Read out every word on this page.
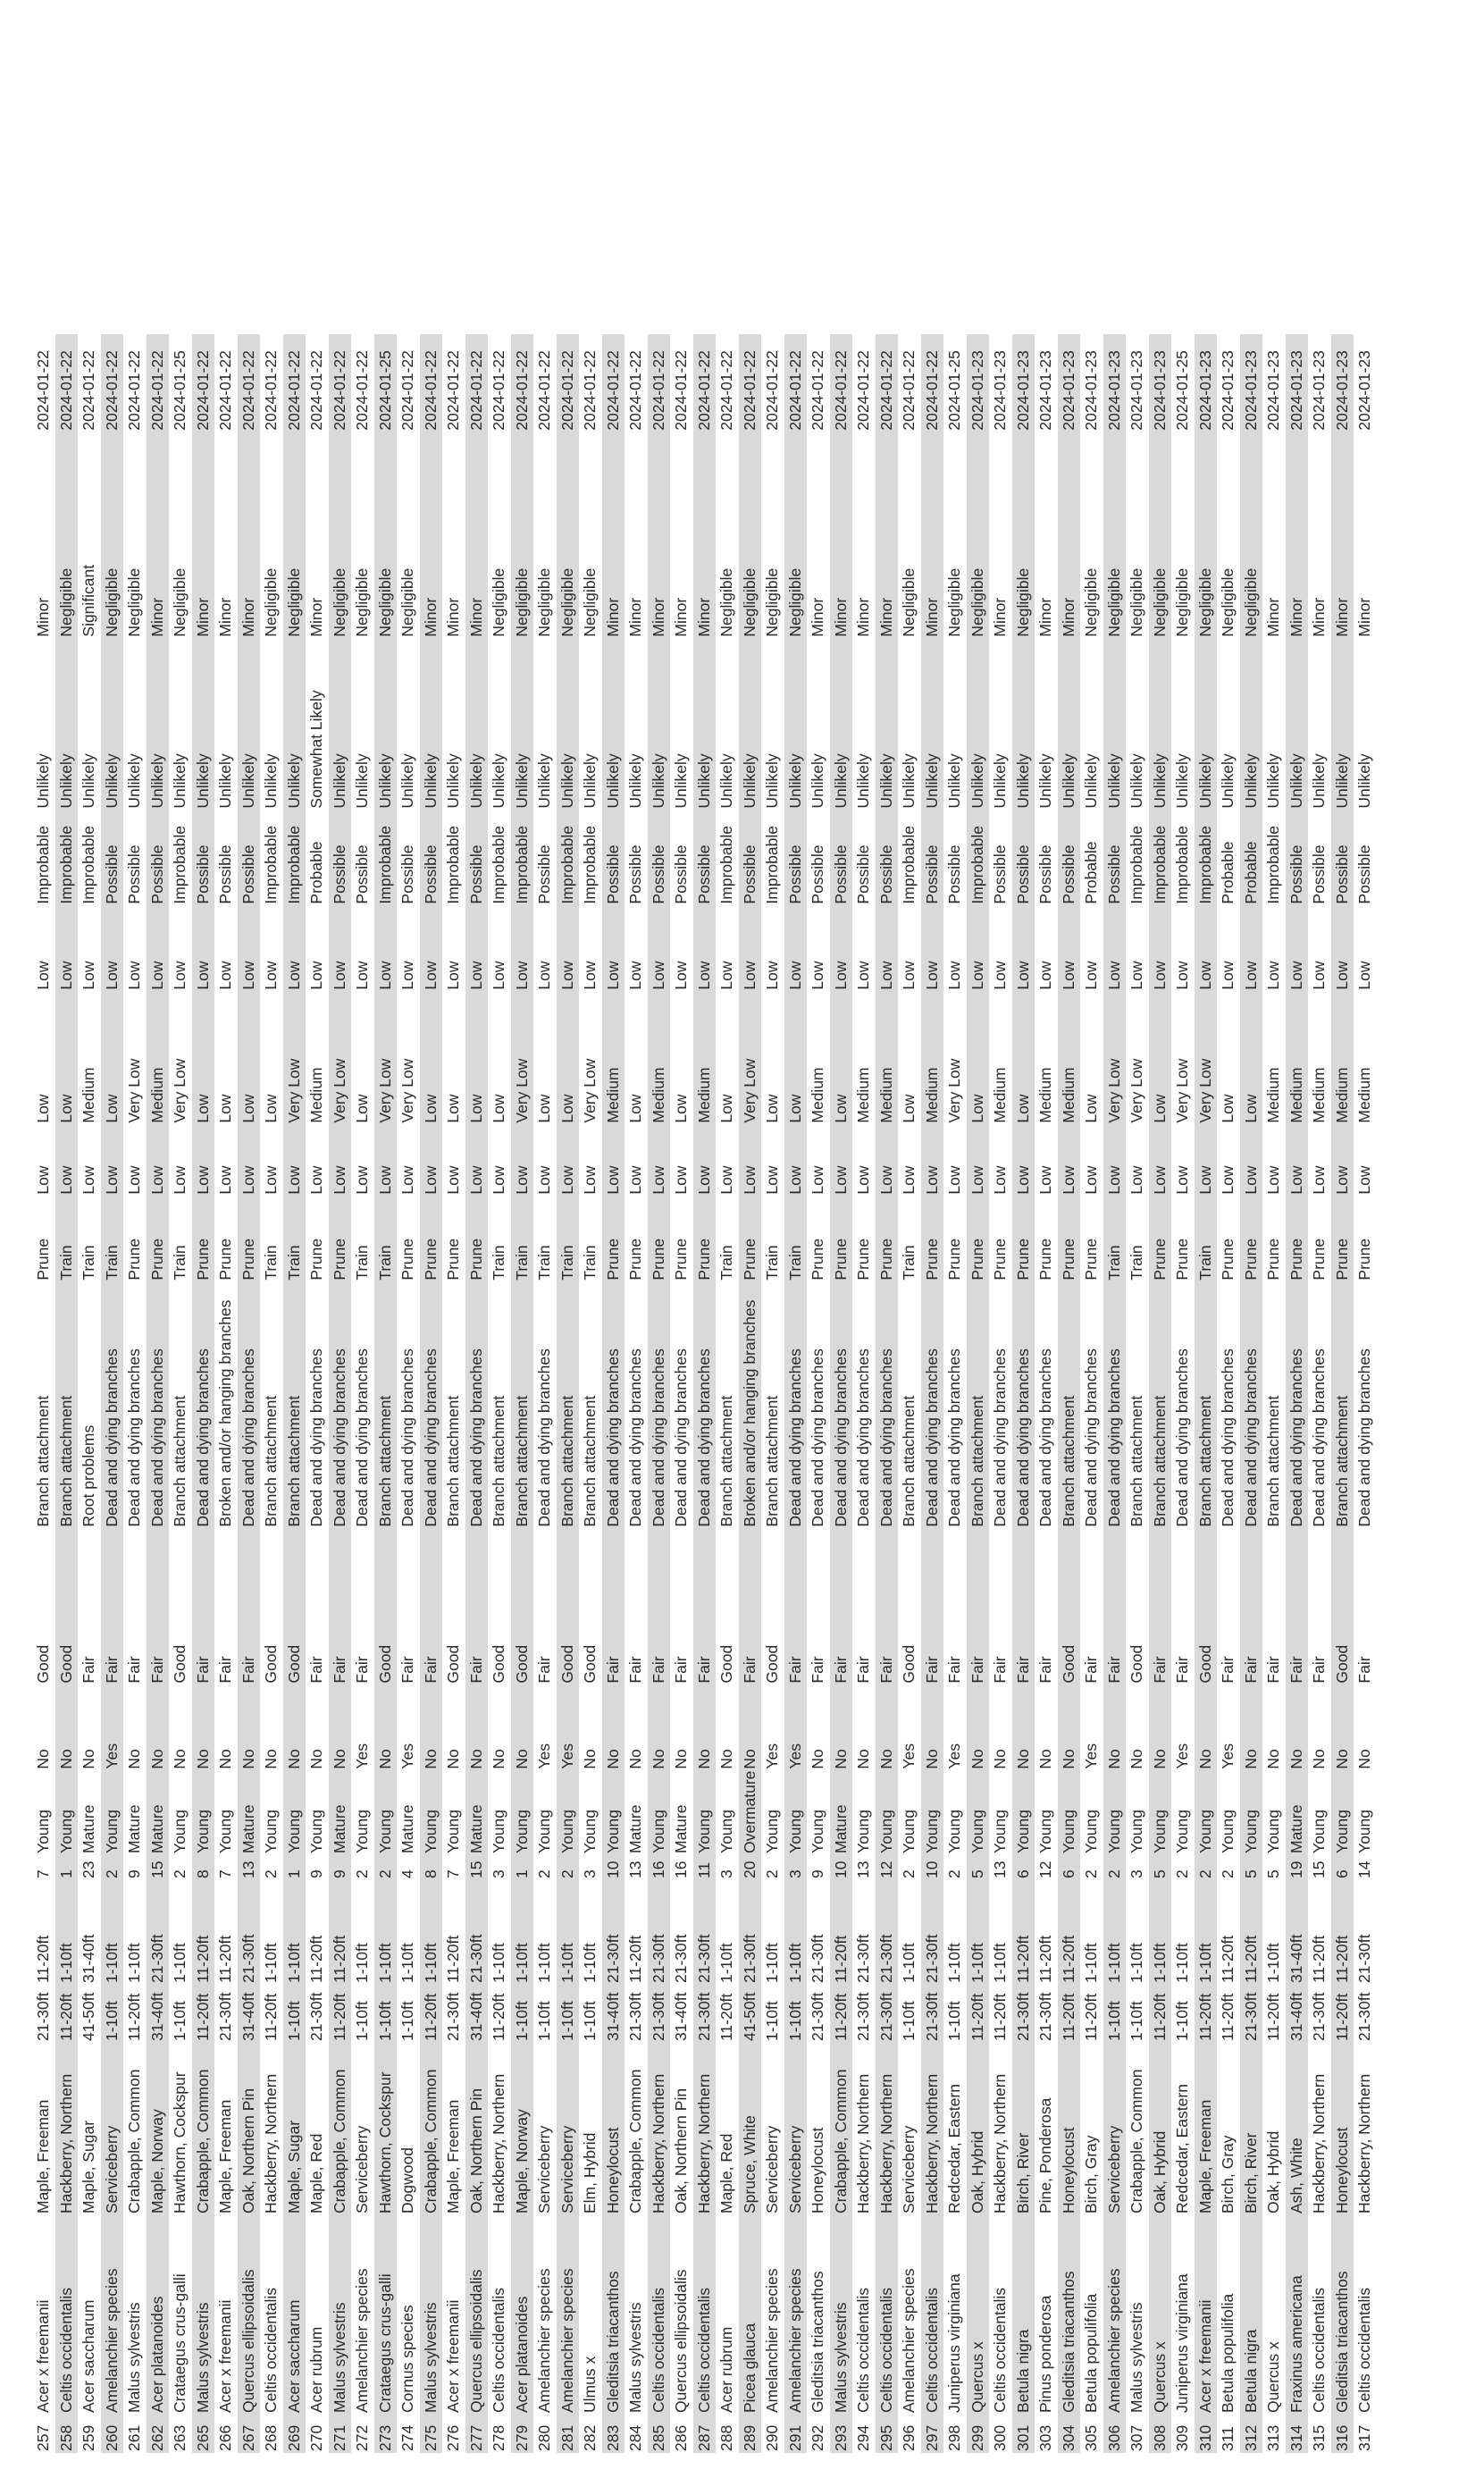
257	Acer x freemanii	Maple, Freeman	21-30ft	11-20ft	7	Young	No	Good	Branch attachment	Prune	Low	Low	Low	Improbable	Unlikely	Minor	2024-01-22
258	Celtis occidentalis	Hackberry, Northern	11-20ft	1-10ft	1	Young	No	Good	Branch attachment	Train	Low	Low	Low	Improbable	Unlikely	Negligible	2024-01-22
259	Acer saccharum	Maple, Sugar	41-50ft	31-40ft	23	Mature	No	Fair	Root problems	Train	Low	Medium	Low	Improbable	Unlikely	Significant	2024-01-22
260	Amelanchier species	Serviceberry	1-10ft	1-10ft	2	Young	Yes	Fair	Dead and dying branches	Train	Low	Low	Low	Possible	Unlikely	Negligible	2024-01-22
261	Malus sylvestris	Crabapple, Common	11-20ft	1-10ft	9	Mature	No	Fair	Dead and dying branches	Prune	Low	Very Low	Low	Possible	Unlikely	Negligible	2024-01-22
262	Acer platanoides	Maple, Norway	31-40ft	21-30ft	15	Mature	No	Fair	Dead and dying branches	Prune	Low	Medium	Low	Possible	Unlikely	Minor	2024-01-22
263	Crataegus crus-galli	Hawthorn, Cockspur	1-10ft	1-10ft	2	Young	No	Good	Branch attachment	Train	Low	Very Low	Low	Improbable	Unlikely	Negligible	2024-01-25
265	Malus sylvestris	Crabapple, Common	11-20ft	11-20ft	8	Young	No	Fair	Dead and dying branches	Prune	Low	Low	Low	Possible	Unlikely	Minor	2024-01-22
266	Acer x freemanii	Maple, Freeman	21-30ft	11-20ft	7	Young	No	Fair	Broken and/or hanging branches	Prune	Low	Low	Low	Possible	Unlikely	Minor	2024-01-22
267	Quercus ellipsoidalis	Oak, Northern Pin	31-40ft	21-30ft	13	Mature	No	Fair	Dead and dying branches	Prune	Low	Low	Low	Possible	Unlikely	Minor	2024-01-22
268	Celtis occidentalis	Hackberry, Northern	11-20ft	1-10ft	2	Young	No	Good	Branch attachment	Train	Low	Low	Low	Improbable	Unlikely	Negligible	2024-01-22
269	Acer saccharum	Maple, Sugar	1-10ft	1-10ft	1	Young	No	Good	Branch attachment	Train	Low	Very Low	Low	Improbable	Unlikely	Negligible	2024-01-22
270	Acer rubrum	Maple, Red	21-30ft	11-20ft	9	Young	No	Fair	Dead and dying branches	Prune	Low	Medium	Low	Probable	Somewhat Likely	Minor	2024-01-22
271	Malus sylvestris	Crabapple, Common	11-20ft	11-20ft	9	Mature	No	Fair	Dead and dying branches	Prune	Low	Very Low	Low	Possible	Unlikely	Negligible	2024-01-22
272	Amelanchier species	Serviceberry	1-10ft	1-10ft	2	Young	Yes	Fair	Dead and dying branches	Train	Low	Low	Low	Possible	Unlikely	Negligible	2024-01-22
273	Crataegus crus-galli	Hawthorn, Cockspur	1-10ft	1-10ft	2	Young	No	Good	Branch attachment	Train	Low	Very Low	Low	Improbable	Unlikely	Negligible	2024-01-25
274	Cornus species	Dogwood	1-10ft	1-10ft	4	Mature	Yes	Fair	Dead and dying branches	Prune	Low	Very Low	Low	Possible	Unlikely	Negligible	2024-01-22
275	Malus sylvestris	Crabapple, Common	11-20ft	1-10ft	8	Young	No	Fair	Dead and dying branches	Prune	Low	Low	Low	Possible	Unlikely	Minor	2024-01-22
276	Acer x freemanii	Maple, Freeman	21-30ft	11-20ft	7	Young	No	Good	Branch attachment	Prune	Low	Low	Low	Improbable	Unlikely	Minor	2024-01-22
277	Quercus ellipsoidalis	Oak, Northern Pin	31-40ft	21-30ft	15	Mature	No	Fair	Dead and dying branches	Prune	Low	Low	Low	Possible	Unlikely	Minor	2024-01-22
278	Celtis occidentalis	Hackberry, Northern	11-20ft	1-10ft	3	Young	No	Good	Branch attachment	Train	Low	Low	Low	Improbable	Unlikely	Negligible	2024-01-22
279	Acer platanoides	Maple, Norway	1-10ft	1-10ft	1	Young	No	Good	Branch attachment	Train	Low	Very Low	Low	Improbable	Unlikely	Negligible	2024-01-22
280	Amelanchier species	Serviceberry	1-10ft	1-10ft	2	Young	Yes	Fair	Dead and dying branches	Train	Low	Low	Low	Possible	Unlikely	Negligible	2024-01-22
281	Amelanchier species	Serviceberry	1-10ft	1-10ft	2	Young	Yes	Good	Branch attachment	Train	Low	Low	Low	Improbable	Unlikely	Negligible	2024-01-22
282	Ulmus x	Elm, Hybrid	1-10ft	1-10ft	3	Young	No	Good	Branch attachment	Train	Low	Very Low	Low	Improbable	Unlikely	Negligible	2024-01-22
283	Gleditsia triacanthos	Honeylocust	31-40ft	21-30ft	10	Young	No	Fair	Dead and dying branches	Prune	Low	Medium	Low	Possible	Unlikely	Minor	2024-01-22
284	Malus sylvestris	Crabapple, Common	21-30ft	11-20ft	13	Mature	No	Fair	Dead and dying branches	Prune	Low	Low	Low	Possible	Unlikely	Minor	2024-01-22
285	Celtis occidentalis	Hackberry, Northern	21-30ft	21-30ft	16	Young	No	Fair	Dead and dying branches	Prune	Low	Medium	Low	Possible	Unlikely	Minor	2024-01-22
286	Quercus ellipsoidalis	Oak, Northern Pin	31-40ft	21-30ft	16	Mature	No	Fair	Dead and dying branches	Prune	Low	Low	Low	Possible	Unlikely	Minor	2024-01-22
287	Celtis occidentalis	Hackberry, Northern	21-30ft	21-30ft	11	Young	No	Fair	Dead and dying branches	Prune	Low	Medium	Low	Possible	Unlikely	Minor	2024-01-22
288	Acer rubrum	Maple, Red	11-20ft	1-10ft	3	Young	No	Good	Branch attachment	Train	Low	Low	Low	Improbable	Unlikely	Negligible	2024-01-22
289	Picea glauca	Spruce, White	41-50ft	21-30ft	20	Overmature	No	Fair	Broken and/or hanging branches	Prune	Low	Very Low	Low	Possible	Unlikely	Negligible	2024-01-22
290	Amelanchier species	Serviceberry	1-10ft	1-10ft	2	Young	Yes	Good	Branch attachment	Train	Low	Low	Low	Improbable	Unlikely	Negligible	2024-01-22
291	Amelanchier species	Serviceberry	1-10ft	1-10ft	3	Young	Yes	Fair	Dead and dying branches	Train	Low	Low	Low	Possible	Unlikely	Negligible	2024-01-22
292	Gleditsia triacanthos	Honeylocust	21-30ft	21-30ft	9	Young	No	Fair	Dead and dying branches	Prune	Low	Medium	Low	Possible	Unlikely	Minor	2024-01-22
293	Malus sylvestris	Crabapple, Common	11-20ft	11-20ft	10	Mature	No	Fair	Dead and dying branches	Prune	Low	Low	Low	Possible	Unlikely	Minor	2024-01-22
294	Celtis occidentalis	Hackberry, Northern	21-30ft	21-30ft	13	Young	No	Fair	Dead and dying branches	Prune	Low	Medium	Low	Possible	Unlikely	Minor	2024-01-22
295	Celtis occidentalis	Hackberry, Northern	21-30ft	21-30ft	12	Young	No	Fair	Dead and dying branches	Prune	Low	Medium	Low	Possible	Unlikely	Minor	2024-01-22
296	Amelanchier species	Serviceberry	1-10ft	1-10ft	2	Young	Yes	Good	Branch attachment	Train	Low	Low	Low	Improbable	Unlikely	Negligible	2024-01-22
297	Celtis occidentalis	Hackberry, Northern	21-30ft	21-30ft	10	Young	No	Fair	Dead and dying branches	Prune	Low	Medium	Low	Possible	Unlikely	Minor	2024-01-22
298	Juniperus virginiana	Redcedar, Eastern	1-10ft	1-10ft	2	Young	Yes	Fair	Dead and dying branches	Prune	Low	Very Low	Low	Possible	Unlikely	Negligible	2024-01-25
299	Quercus x	Oak, Hybrid	11-20ft	1-10ft	5	Young	No	Fair	Branch attachment	Prune	Low	Low	Low	Improbable	Unlikely	Negligible	2024-01-23
300	Celtis occidentalis	Hackberry, Northern	11-20ft	1-10ft	13	Young	No	Fair	Dead and dying branches	Prune	Low	Medium	Low	Possible	Unlikely	Minor	2024-01-23
301	Betula nigra	Birch, River	21-30ft	11-20ft	6	Young	No	Fair	Dead and dying branches	Prune	Low	Low	Low	Possible	Unlikely	Negligible	2024-01-23
303	Pinus ponderosa	Pine, Ponderosa	21-30ft	11-20ft	12	Young	No	Fair	Dead and dying branches	Prune	Low	Medium	Low	Possible	Unlikely	Minor	2024-01-23
304	Gleditsia triacanthos	Honeylocust	11-20ft	11-20ft	6	Young	No	Good	Branch attachment	Prune	Low	Medium	Low	Possible	Unlikely	Minor	2024-01-23
305	Betula populifolia	Birch, Gray	11-20ft	1-10ft	2	Young	Yes	Fair	Dead and dying branches	Prune	Low	Low	Low	Probable	Unlikely	Negligible	2024-01-23
306	Amelanchier species	Serviceberry	1-10ft	1-10ft	2	Young	No	Fair	Dead and dying branches	Train	Low	Very Low	Low	Possible	Unlikely	Negligible	2024-01-23
307	Malus sylvestris	Crabapple, Common	1-10ft	1-10ft	3	Young	No	Good	Branch attachment	Train	Low	Very Low	Low	Improbable	Unlikely	Negligible	2024-01-23
308	Quercus x	Oak, Hybrid	11-20ft	1-10ft	5	Young	No	Fair	Branch attachment	Prune	Low	Low	Low	Improbable	Unlikely	Negligible	2024-01-23
309	Juniperus virginiana	Redcedar, Eastern	1-10ft	1-10ft	2	Young	Yes	Fair	Dead and dying branches	Prune	Low	Very Low	Low	Improbable	Unlikely	Negligible	2024-01-25
310	Acer x freemanii	Maple, Freeman	11-20ft	1-10ft	2	Young	No	Good	Branch attachment	Train	Low	Very Low	Low	Improbable	Unlikely	Negligible	2024-01-23
311	Betula populifolia	Birch, Gray	11-20ft	11-20ft	2	Young	Yes	Fair	Dead and dying branches	Prune	Low	Low	Low	Probable	Unlikely	Negligible	2024-01-23
312	Betula nigra	Birch, River	21-30ft	11-20ft	5	Young	No	Fair	Dead and dying branches	Prune	Low	Low	Low	Probable	Unlikely	Negligible	2024-01-23
313	Quercus x	Oak, Hybrid	11-20ft	1-10ft	5	Young	No	Fair	Branch attachment	Prune	Low	Medium	Low	Improbable	Unlikely	Minor	2024-01-23
314	Fraxinus americana	Ash, White	31-40ft	31-40ft	19	Mature	No	Fair	Dead and dying branches	Prune	Low	Medium	Low	Possible	Unlikely	Minor	2024-01-23
315	Celtis occidentalis	Hackberry, Northern	21-30ft	11-20ft	15	Young	No	Fair	Dead and dying branches	Prune	Low	Medium	Low	Possible	Unlikely	Minor	2024-01-23
316	Gleditsia triacanthos	Honeylocust	11-20ft	11-20ft	6	Young	No	Good	Branch attachment	Prune	Low	Medium	Low	Possible	Unlikely	Minor	2024-01-23
317	Celtis occidentalis	Hackberry, Northern	21-30ft	21-30ft	14	Young	No	Fair	Dead and dying branches	Prune	Low	Medium	Low	Possible	Unlikely	Minor	2024-01-23
